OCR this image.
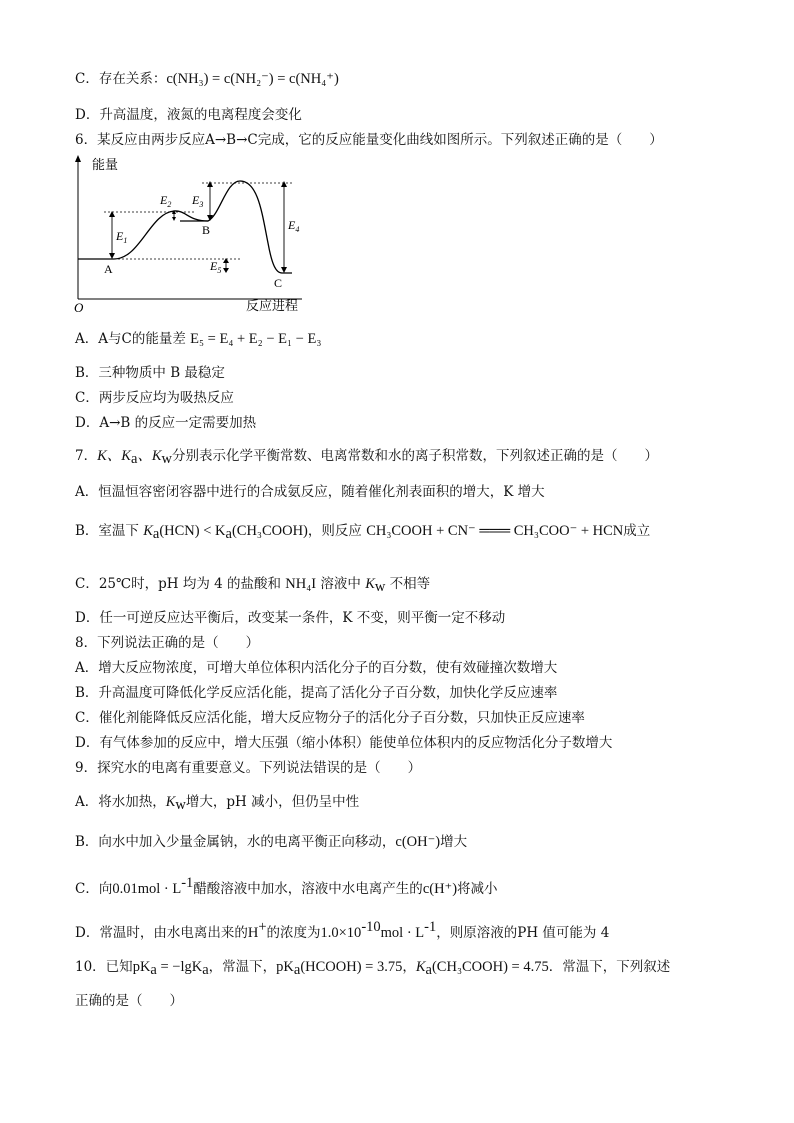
C．存在关系：c(NH₃) = c(NH₂⁻) = c(NH₄⁺)
D．升高温度，液氮的电离程度会变化
6．某反应由两步反应A→B→C完成，它的反应能量变化曲线如图所示。下列叙述正确的是（　　）
能量
反应进程
O
A
B
C
$E_1$
$E_2$ $E_3$
$E_4$
$E_5$
A．A与C的能量差 E₅ = E₄ + E₂ − E₁ − E₃
B．三种物质中 B 最稳定
C．两步反应均为吸热反应
D．A→B 的反应一定需要加热
7．K、$K_a$、$K_w$分别表示化学平衡常数、电离常数和水的离子积常数，下列叙述正确的是（　　）
A．恒温恒容密闭容器中进行的合成氨反应，随着催化剂表面积的增大，K 增大
B．室温下 $K_a(HCN)$ < $K_a(CH_3COOH)$，则反应 CH₃COOH + CN⁻ ═══ CH₃COO⁻ + HCN成立
C．25℃时，pH 均为 4 的盐酸和 NH₄I 溶液中 $K_w$ 不相等
D．任一可逆反应达平衡后，改变某一条件，K 不变，则平衡一定不移动
8．下列说法正确的是（　　）
A．增大反应物浓度，可增大单位体积内活化分子的百分数，使有效碰撞次数增大
B．升高温度可降低化学反应活化能，提高了活化分子百分数，加快化学反应速率
C．催化剂能降低反应活化能，增大反应物分子的活化分子百分数，只加快正反应速率
D．有气体参加的反应中，增大压强（缩小体积）能使单位体积内的反应物活化分子数增大
9．探究水的电离有重要意义。下列说法错误的是（　　）
A．将水加热，$K_w$增大，pH 减小，但仍呈中性
B．向水中加入少量金属钠，水的电离平衡正向移动，c(OH⁻)增大
C．向$0.01mol \cdot L^{-1}$醋酸溶液中加水，溶液中水电离产生的c(H⁺)将减小
D．常温时，由水电离出来的H+的浓度为$1.0\times 10^{-10}mol \cdot L^{-1}$，则原溶液的PH 值可能为 4
10．已知$pK_a = -\lg K_a$，常温下，$pK_a(HCOOH) = 3.75$，$K_a(CH_3COOH) = 4.75$．常温下，下列叙述
正确的是（　　）
